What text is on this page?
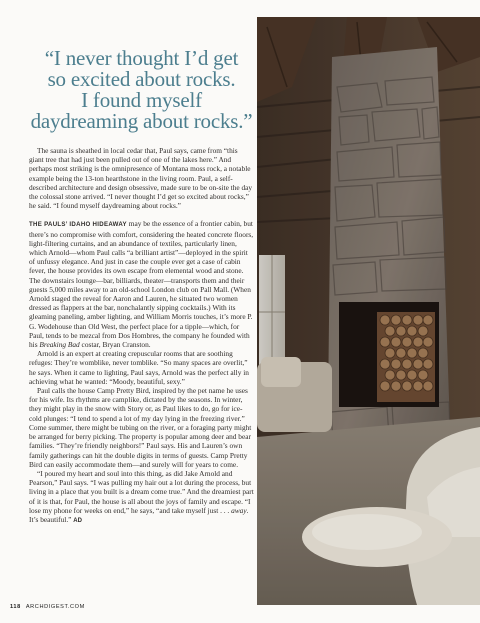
“I never thought I’d get
so excited about rocks.
I found myself
daydreaming about rocks.”

The sauna is sheathed in local cedar that, Paul says, came from “this giant tree that had just been pulled out of one of the lakes here.” And perhaps most striking is the omnipresence of Montana moss rock, a notable example being the 13-ton hearthstone in the living room. Paul, a self-described architecture and design obsessive, made sure to be on-site the day the colossal stone arrived. “I never thought I’d get so excited about rocks,” he said. “I found myself daydreaming about rocks.”

THE PAULS’ IDAHO HIDEAWAY may be the essence of a frontier cabin, but there’s no compromise with comfort, considering the heated concrete floors, light-filtering curtains, and an abundance of textiles, particularly linen, which Arnold—whom Paul calls “a brilliant artist”—deployed in the spirit of unfussy elegance. And just in case the couple ever get a case of cabin fever, the house provides its own escape from elemental wood and stone. The downstairs lounge—bar, billiards, theater—transports them and their guests 5,000 miles away to an old-school London club on Pall Mall. (When Arnold staged the reveal for Aaron and Lauren, he situated two women dressed as flappers at the bar, nonchalantly sipping cocktails.) With its gleaming paneling, amber lighting, and William Morris touches, it’s more P. G. Wodehouse than Old West, the perfect place for a tipple—which, for Paul, tends to be mezcal from Dos Hombres, the company he founded with his Breaking Bad costar, Bryan Cranston.

Arnold is an expert at creating crepuscular rooms that are soothing refuges: They’re womblike, never tomblike. “So many spaces are overlit,” he says. When it came to lighting, Paul says, Arnold was the perfect ally in achieving what he wanted: “Moody, beautiful, sexy.”

Paul calls the house Camp Pretty Bird, inspired by the pet name he uses for his wife. Its rhythms are camplike, dictated by the seasons. In winter, they might play in the snow with Story or, as Paul likes to do, go for ice-cold plunges: “I tend to spend a lot of my day lying in the freezing river.” Come summer, there might be tubing on the river, or a foraging party might be arranged for berry picking. The property is popular among deer and bear families. “They’re friendly neighbors!” Paul says. His and Lauren’s own family gatherings can hit the double digits in terms of guests. Camp Pretty Bird can easily accommodate them—and surely will for years to come.

“I poured my heart and soul into this thing, as did Jake Arnold and Pearson,” Paul says. “I was pulling my hair out a lot during the process, but living in a place that you built is a dream come true.” And the dreamiest part of it is that, for Paul, the house is all about the joys of family and escape. “I lose my phone for weeks on end,” he says, “and take myself just . . . away. It’s beautiful.” AD

118 ARCHDIGEST.COM
